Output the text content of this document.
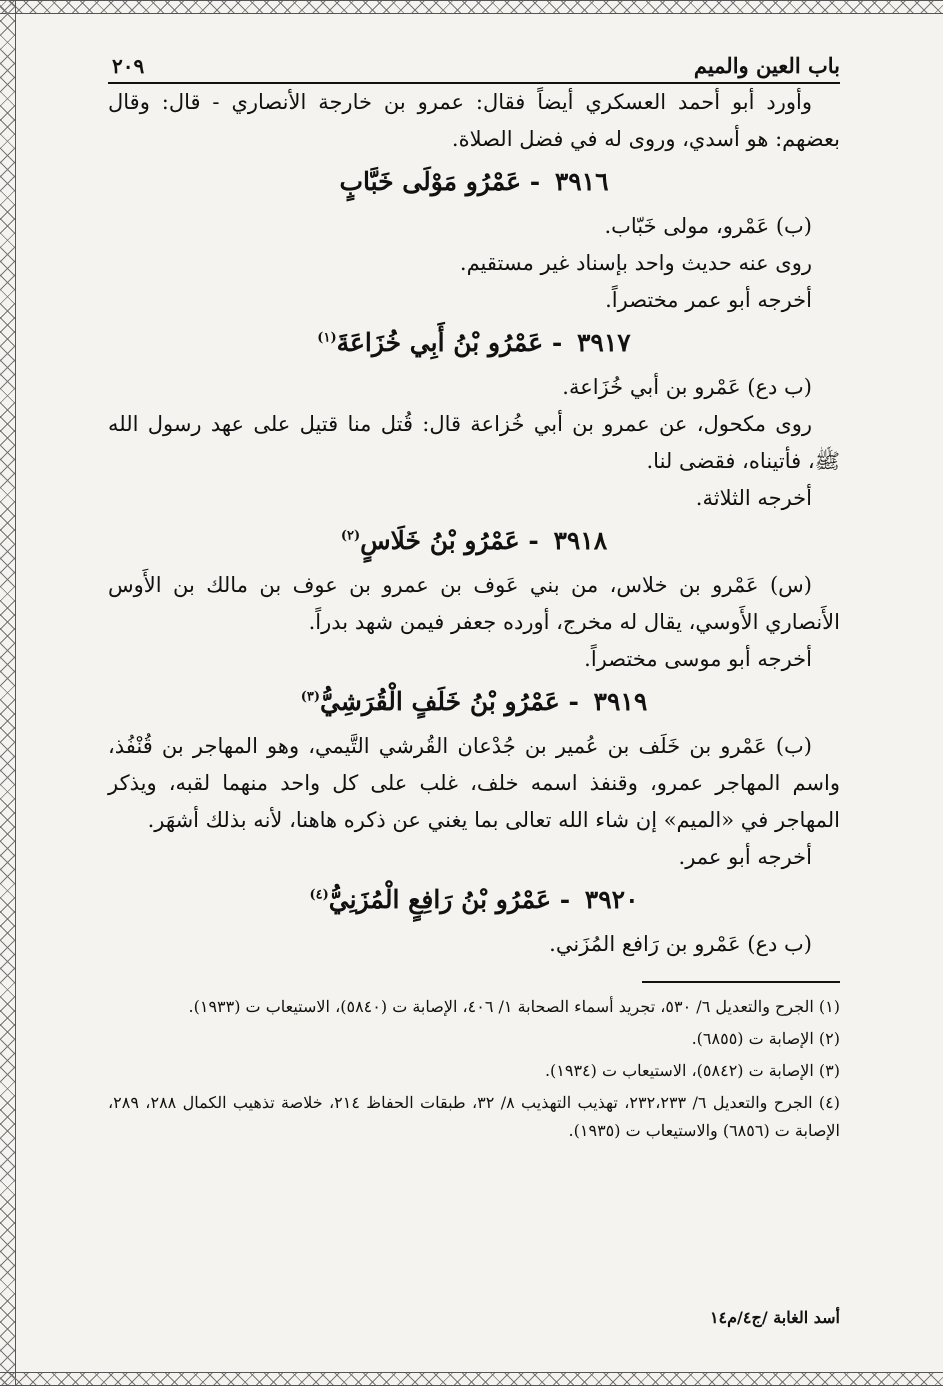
باب العين والميم
٢٠٩

وأورد أبو أحمد العسكري أيضاً فقال: عمرو بن خارجة الأنصاري - قال: وقال بعضهم: هو أسدي، وروى له في فضل الصلاة.

٣٩١٦ - عَمْرُو مَوْلَى خَبَّابٍ

(ب) عَمْرو، مولى خَبّاب.

روى عنه حديث واحد بإسناد غير مستقيم.

أخرجه أبو عمر مختصراً.

٣٩١٧ - عَمْرُو بْنُ أَبِي خُزَاعَةَ$^{(١)}$

(ب دع) عَمْرو بن أبي خُزَاعة.

روى مكحول، عن عمرو بن أبي خُزاعة قال: قُتل منا قتيل على عهد رسول الله ﷺ، فأتيناه، فقضى لنا.

أخرجه الثلاثة.

٣٩١٨ - عَمْرُو بْنُ خَلَاسٍ$^{(٢)}$

(س) عَمْرو بن خلاس، من بني عَوف بن عمرو بن عوف بن مالك بن الأَوس الأَنصاري الأَوسي، يقال له مخرج، أورده جعفر فيمن شهد بدراً.

أخرجه أبو موسى مختصراً.

٣٩١٩ - عَمْرُو بْنُ خَلَفٍ الْقُرَشِيُّ$^{(٣)}$

(ب) عَمْرو بن خَلَف بن عُمير بن جُدْعان القُرشي التَّيمي، وهو المهاجر بن قُنْفُذ، واسم المهاجر عمرو، وقنفذ اسمه خلف، غلب على كل واحد منهما لقبه، ويذكر المهاجر في «الميم» إن شاء الله تعالى بما يغني عن ذكره هاهنا، لأنه بذلك أشهَر.

أخرجه أبو عمر.

٣٩٢٠ - عَمْرُو بْنُ رَافِعٍ الْمُزَنِيُّ$^{(٤)}$

(ب دع) عَمْرو بن رَافع المُزَني.

(١) الجرح والتعديل ٦/ ٥٣٠، تجريد أسماء الصحابة ١/ ٤٠٦، الإصابة ت (٥٨٤٠)، الاستيعاب ت (١٩٣٣).

(٢) الإصابة ت (٦٨٥٥).

(٣) الإصابة ت (٥٨٤٢)، الاستيعاب ت (١٩٣٤).

(٤) الجرح والتعديل ٦/ ٢٣٢،٢٣٣، تهذيب التهذيب ٨/ ٣٢، طبقات الحفاظ ٢١٤، خلاصة تذهيب الكمال ٢٨٨، ٢٨٩، الإصابة ت (٦٨٥٦) والاستيعاب ت (١٩٣٥).

أسد الغابة /ج٤/م١٤
